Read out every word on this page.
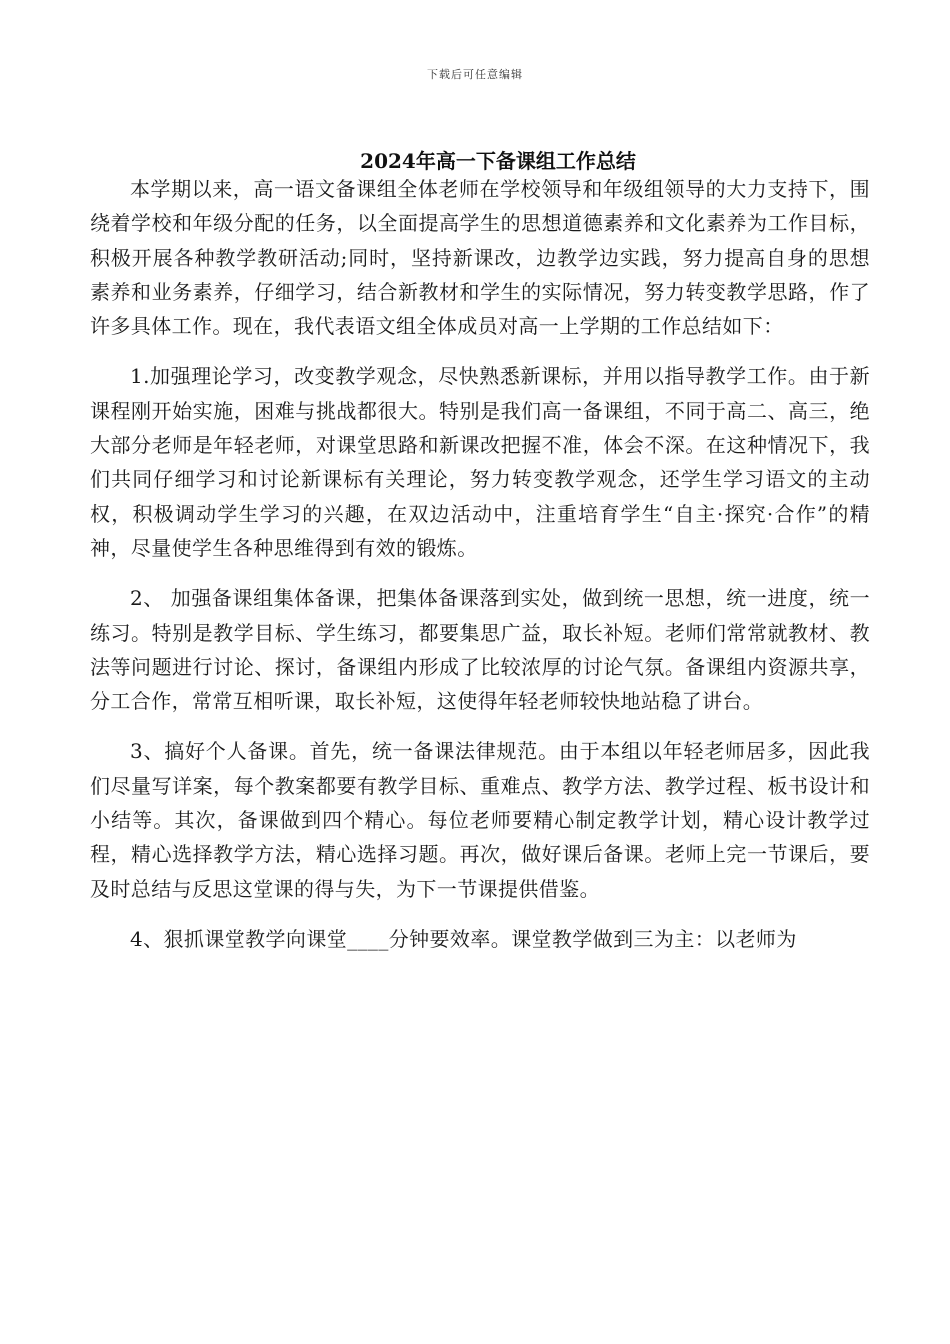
下载后可任意编辑
2024年高一下备课组工作总结

本学期以来，高一语文备课组全体老师在学校领导和年级组领导的大力支持下，围绕着学校和年级分配的任务，以全面提高学生的思想道德素养和文化素养为工作目标，积极开展各种教学教研活动;同时，坚持新课改，边教学边实践，努力提高自身的思想素养和业务素养，仔细学习，结合新教材和学生的实际情况，努力转变教学思路，作了许多具体工作。现在，我代表语文组全体成员对高一上学期的工作总结如下：

1.加强理论学习，改变教学观念，尽快熟悉新课标，并用以指导教学工作。由于新课程刚开始实施，困难与挑战都很大。特别是我们高一备课组，不同于高二、高三，绝大部分老师是年轻老师，对课堂思路和新课改把握不准，体会不深。在这种情况下，我们共同仔细学习和讨论新课标有关理论，努力转变教学观念，还学生学习语文的主动权，积极调动学生学习的兴趣，在双边活动中，注重培育学生“自主·探究·合作”的精神，尽量使学生各种思维得到有效的锻炼。

2、 加强备课组集体备课，把集体备课落到实处，做到统一思想，统一进度，统一练习。特别是教学目标、学生练习，都要集思广益，取长补短。老师们常常就教材、教法等问题进行讨论、探讨，备课组内形成了比较浓厚的讨论气氛。备课组内资源共享，分工合作，常常互相听课，取长补短，这使得年轻老师较快地站稳了讲台。

3、搞好个人备课。首先，统一备课法律规范。由于本组以年轻老师居多，因此我们尽量写详案，每个教案都要有教学目标、重难点、教学方法、教学过程、板书设计和小结等。其次，备课做到四个精心。每位老师要精心制定教学计划，精心设计教学过程，精心选择教学方法，精心选择习题。再次，做好课后备课。老师上完一节课后，要及时总结与反思这堂课的得与失，为下一节课提供借鉴。

4、狠抓课堂教学向课堂____分钟要效率。课堂教学做到三为主：以老师为
